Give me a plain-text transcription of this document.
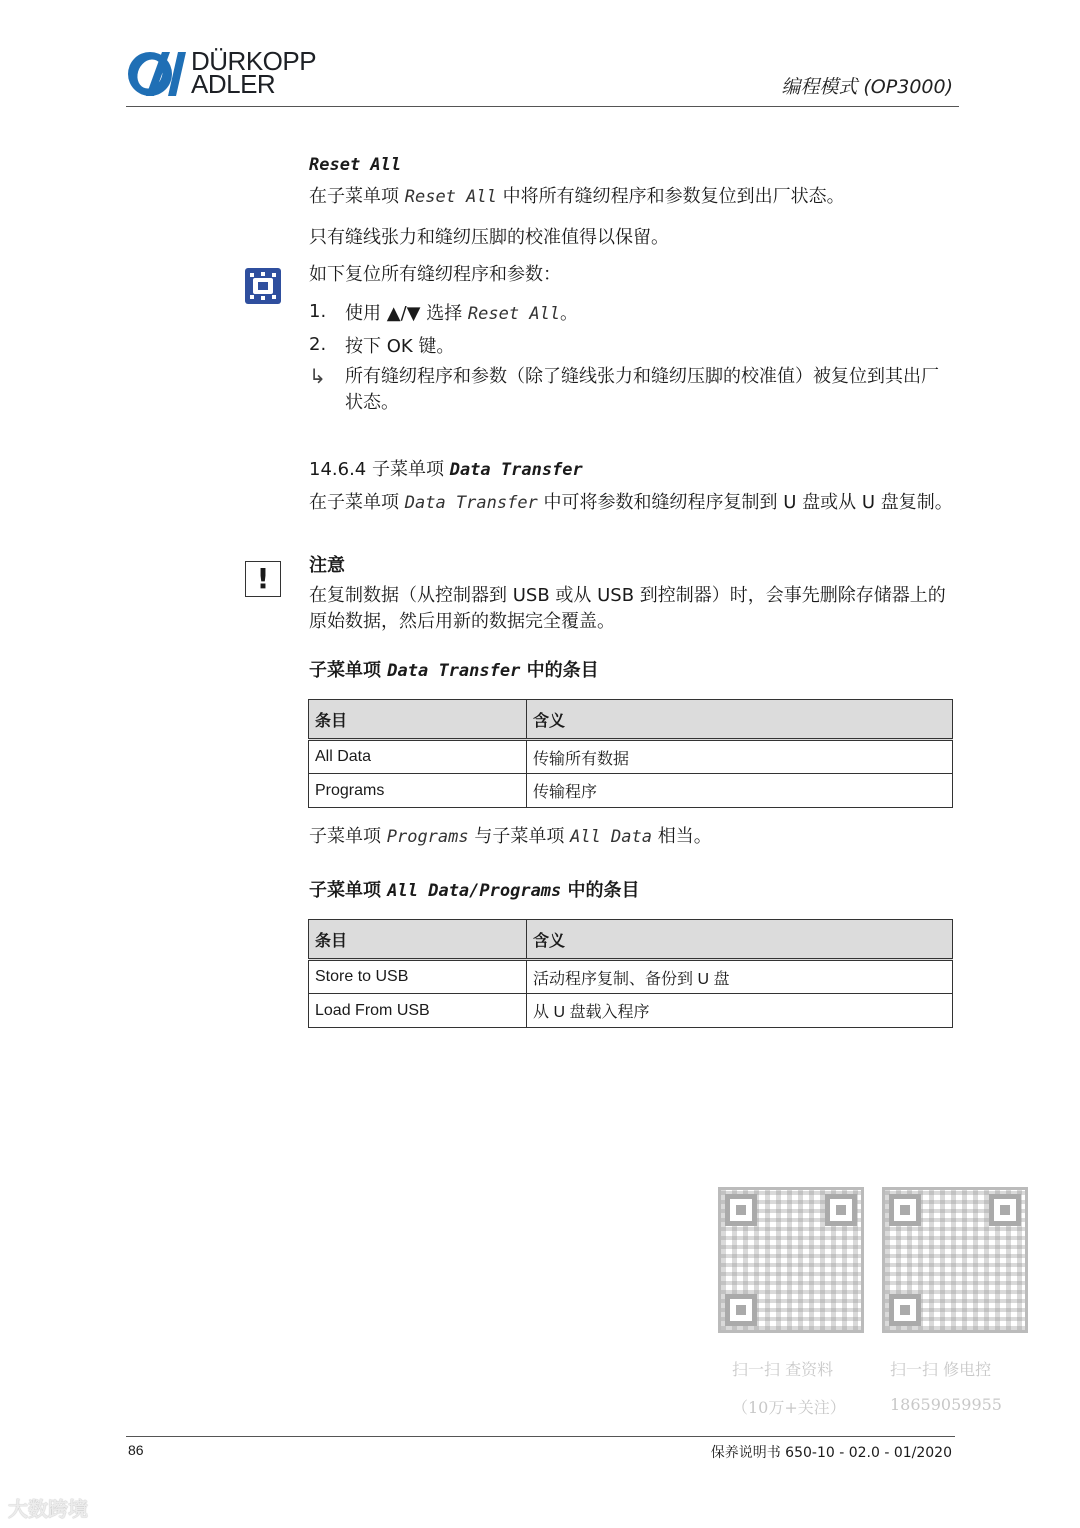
DÜRKOPP
ADLER	编程模式 (OP3000)
Reset All
在子菜单项 Reset All 中将所有缝纫程序和参数复位到出厂状态。
只有缝线张力和缝纫压脚的校准值得以保留。
如下复位所有缝纫程序和参数：
1. 使用 ▲/▼ 选择 Reset All。
2. 按下 OK 键。
↳ 所有缝纫程序和参数（除了缝线张力和缝纫压脚的校准值）被复位到其出厂状态。
14.6.4 子菜单项 Data Transfer
在子菜单项 Data Transfer 中可将参数和缝纫程序复制到 U 盘或从 U 盘复制。
!	注意
在复制数据（从控制器到 USB 或从 USB 到控制器）时，会事先删除存储器上的原始数据，然后用新的数据完全覆盖。
子菜单项 Data Transfer 中的条目
条目	含义
All Data	传输所有数据
Programs	传输程序
子菜单项 Programs 与子菜单项 All Data 相当。
子菜单项 All Data/Programs 中的条目
条目	含义
Store to USB	活动程序复制、备份到 U 盘
Load From USB	从 U 盘载入程序
扫一扫 查资料
（10万+关注）
扫一扫 修电控
18659059955
86	保养说明书 650-10 - 02.0 - 01/2020
大数跨境
